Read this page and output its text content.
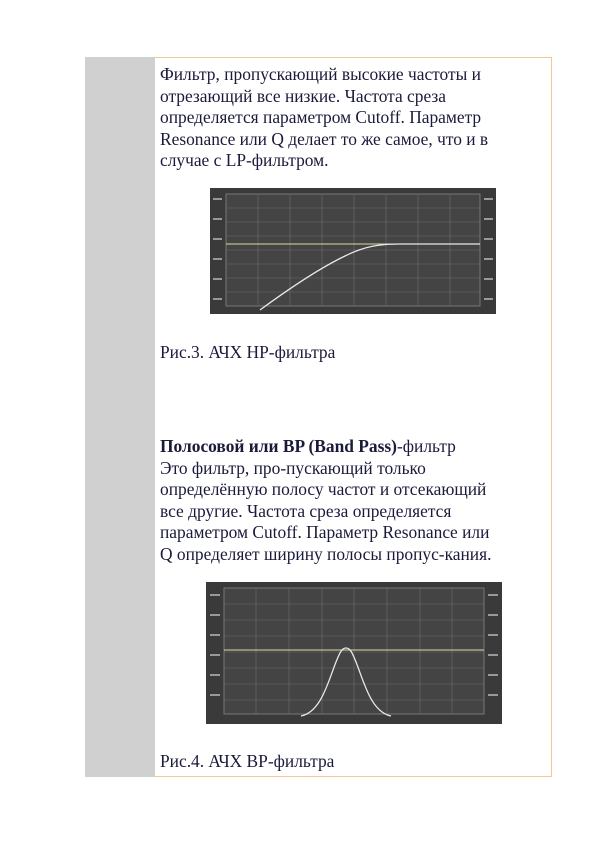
Фильтр, пропускающий высокие частоты и
отрезающий все низкие. Частота среза
определяется параметром Cutoff. Параметр
Resonance или Q делает то же самое, что и в
случае с LP-фильтром.

Рис.3. АЧХ HP-фильтра

Полосовой или BP (Band Pass)-фильтр
Это фильтр, про-пускающий только
определённую полосу частот и отсекающий
все другие. Частота среза определяется
параметром Cutoff. Параметр Resonance или
Q определяет ширину полосы пропус-кания.

Рис.4. АЧХ BP-фильтра
